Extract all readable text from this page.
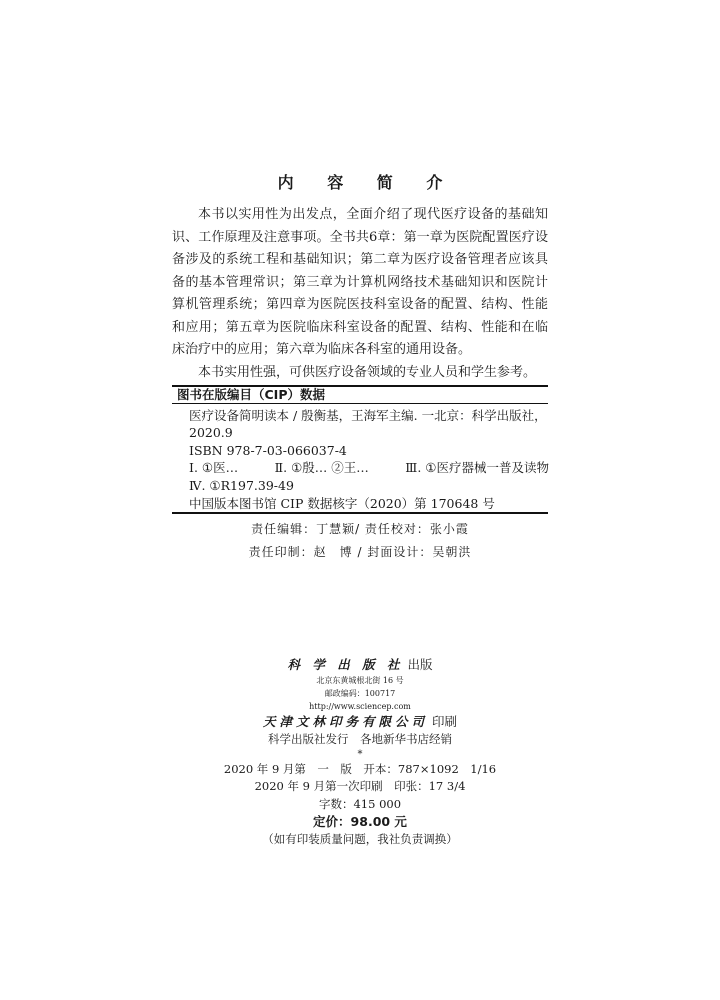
内 容 简 介

本书以实用性为出发点，全面介绍了现代医疗设备的基础知识、工作原理及注意事项。全书共6章：第一章为医院配置医疗设备涉及的系统工程和基础知识；第二章为医疗设备管理者应该具备的基本管理常识；第三章为计算机网络技术基础知识和医院计算机管理系统；第四章为医院医技科室设备的配置、结构、性能和应用；第五章为医院临床科室设备的配置、结构、性能和在临床治疗中的应用；第六章为临床各科室的通用设备。

本书实用性强，可供医疗设备领域的专业人员和学生参考。

图书在版编目（CIP）数据
医疗设备简明读本 / 殷衡基，王海军主编. 一北京：科学出版社，
2020.9
ISBN 978-7-03-066037-4
Ⅰ. ①医…	Ⅱ. ①殷… ②王…	Ⅲ. ①医疗器械一普及读物
Ⅳ. ①R197.39-49
中国版本图书馆 CIP 数据核字（2020）第 170648 号
责任编辑：丁慧颖/ 责任校对：张小霞
责任印制：赵　博 / 封面设计：吴朝洪
科 学 出 版 社 出版
北京东黄城根北街 16 号
邮政编码：100717
http://www.sciencep.com
天津文林印务有限公司 印刷
科学出版社发行　各地新华书店经销
*
2020 年 9 月第　一　版　开本：787×1092　1/16
2020 年 9 月第一次印刷　印张：17 3/4
字数：415 000
定价：98.00 元
（如有印装质量问题，我社负责调换）
